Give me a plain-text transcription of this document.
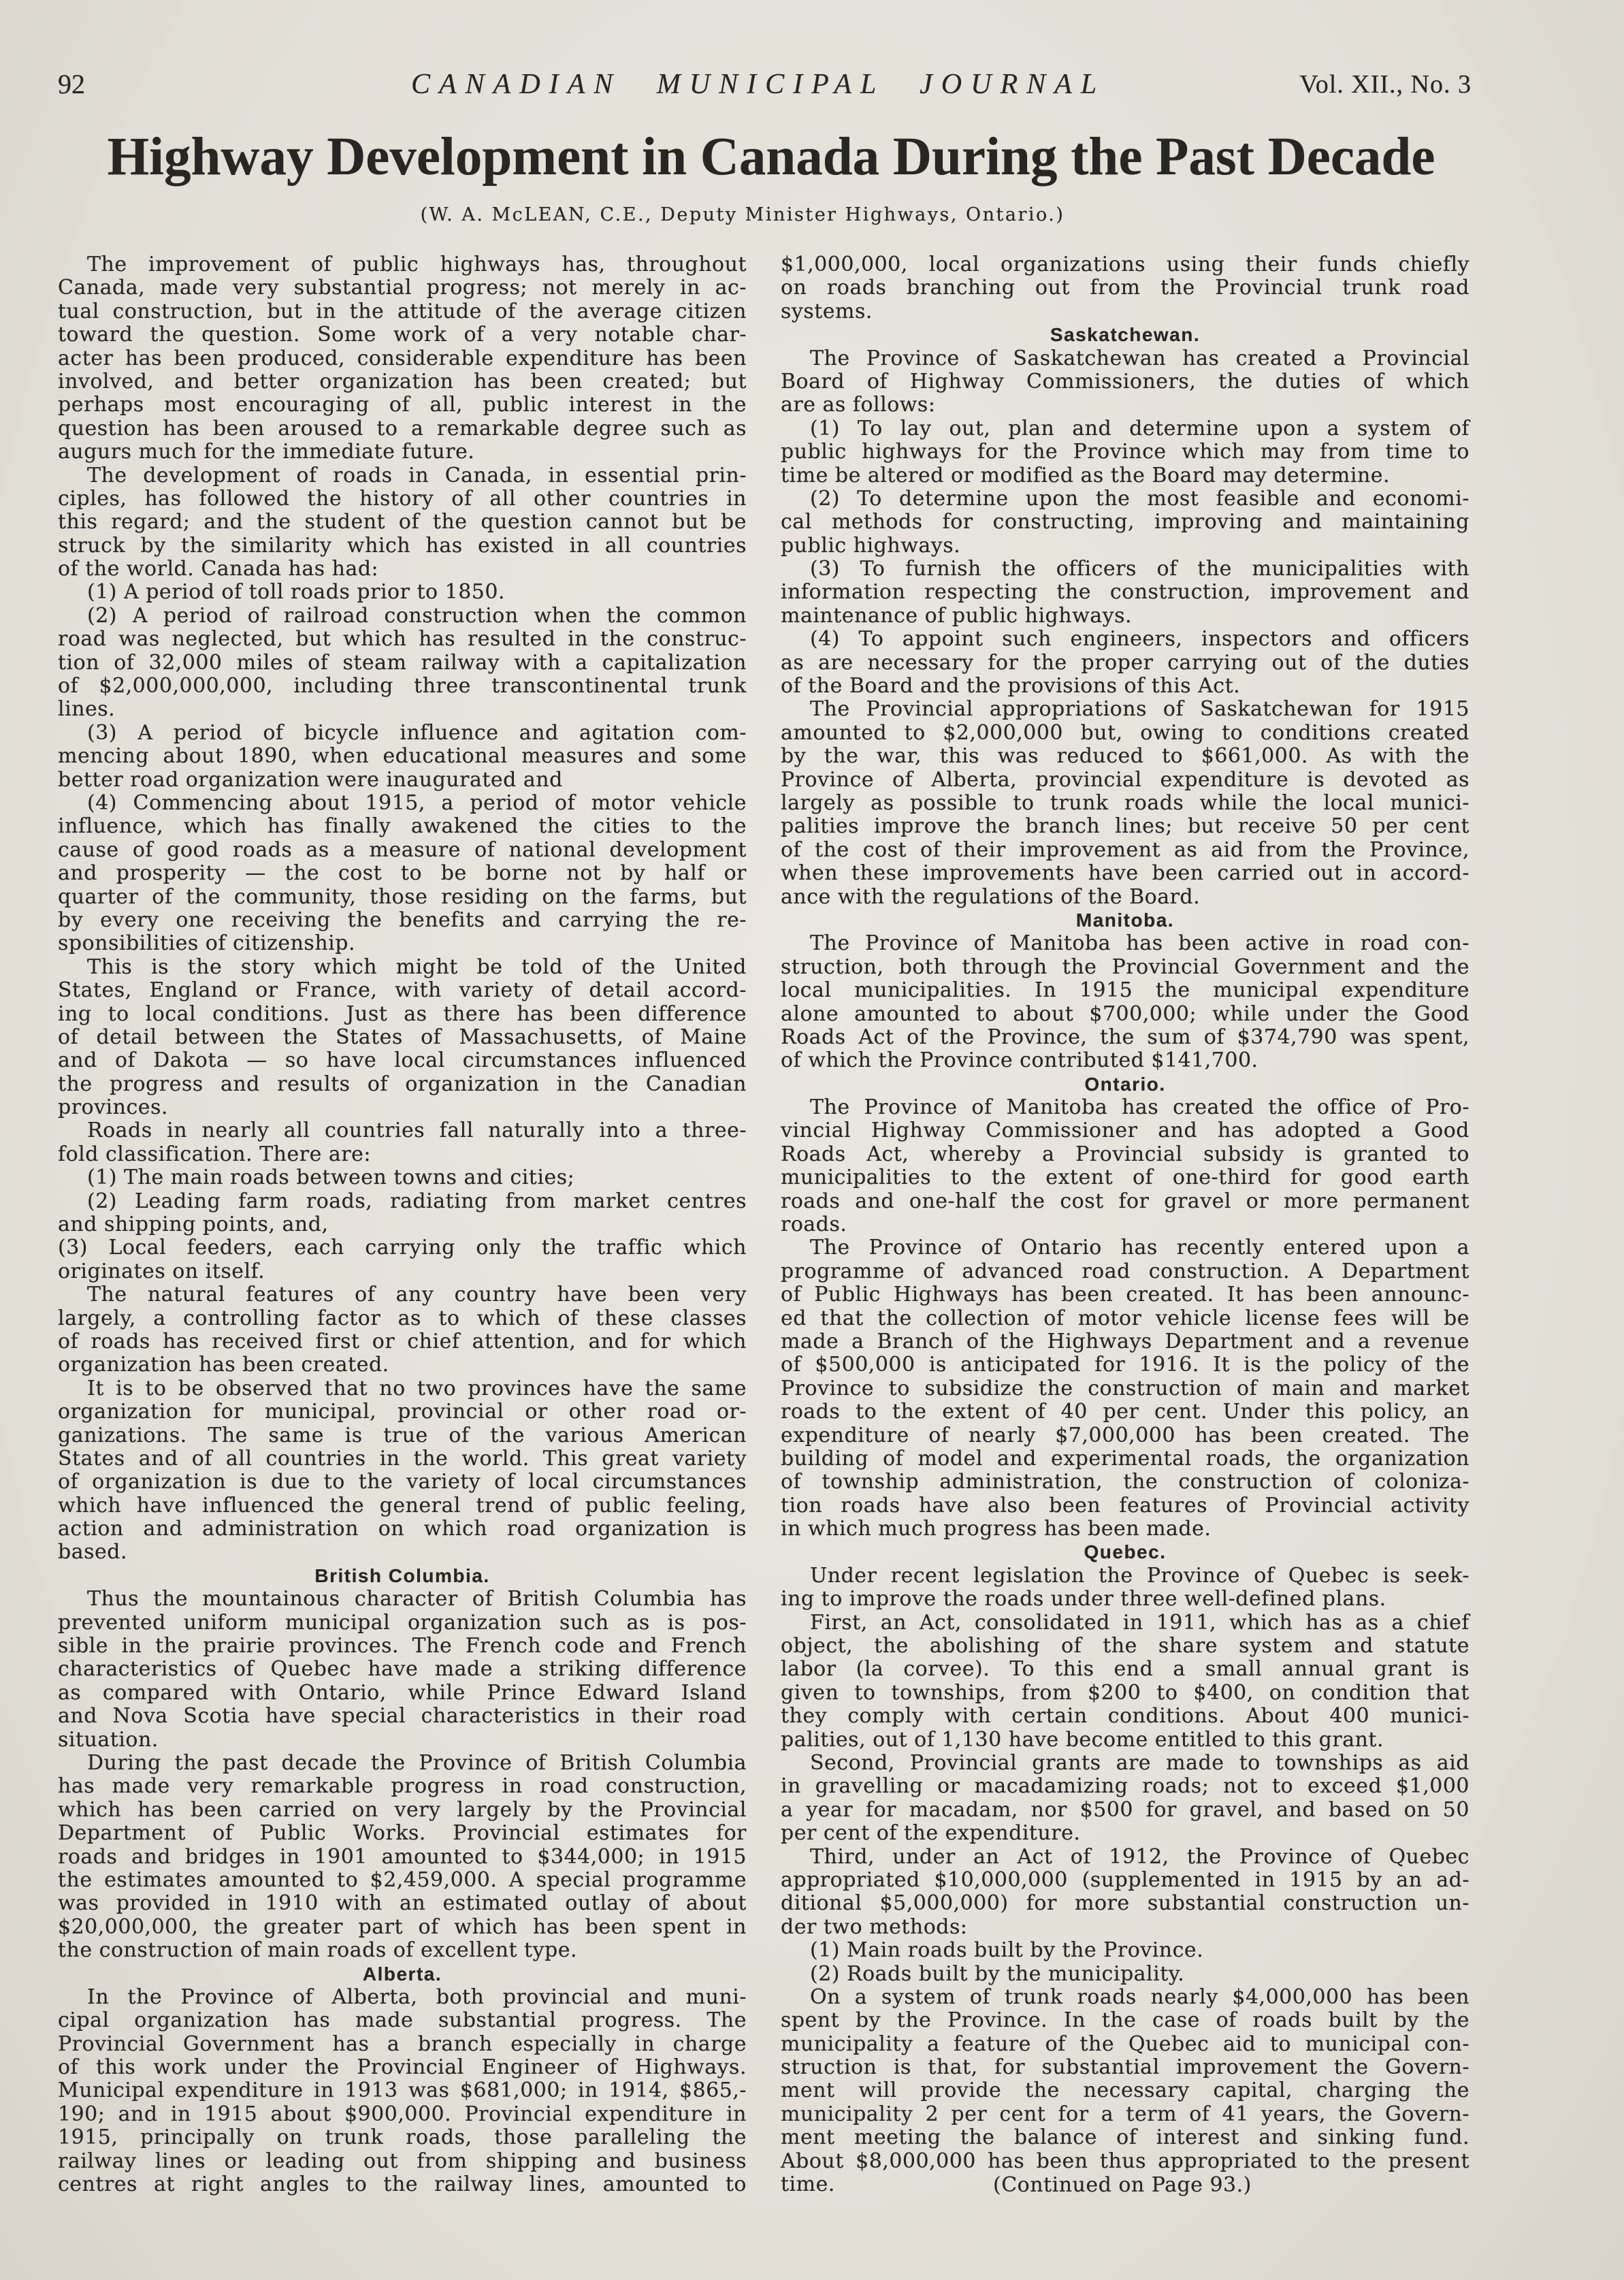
92	CANADIAN MUNICIPAL JOURNAL	Vol. XII., No. 3
Highway Development in Canada During the Past Decade
(W. A. McLEAN, C.E., Deputy Minister Highways, Ontario.)
The improvement of public highways has, throughout
Canada, made very substantial progress; not merely in ac-
tual construction, but in the attitude of the average citizen
toward the question. Some work of a very notable char-
acter has been produced, considerable expenditure has been
involved, and better organization has been created; but
perhaps most encouraging of all, public interest in the
question has been aroused to a remarkable degree such as
augurs much for the immediate future.
The development of roads in Canada, in essential prin-
ciples, has followed the history of all other countries in
this regard; and the student of the question cannot but be
struck by the similarity which has existed in all countries
of the world. Canada has had:
(1) A period of toll roads prior to 1850.
(2) A period of railroad construction when the common
road was neglected, but which has resulted in the construc-
tion of 32,000 miles of steam railway with a capitalization
of $2,000,000,000, including three transcontinental trunk
lines.
(3) A period of bicycle influence and agitation com-
mencing about 1890, when educational measures and some
better road organization were inaugurated and
(4) Commencing about 1915, a period of motor vehicle
influence, which has finally awakened the cities to the
cause of good roads as a measure of national development
and prosperity — the cost to be borne not by half or
quarter of the community, those residing on the farms, but
by every one receiving the benefits and carrying the re-
sponsibilities of citizenship.
This is the story which might be told of the United
States, England or France, with variety of detail accord-
ing to local conditions. Just as there has been difference
of detail between the States of Massachusetts, of Maine
and of Dakota — so have local circumstances influenced
the progress and results of organization in the Canadian
provinces.
Roads in nearly all countries fall naturally into a three-
fold classification. There are:
(1) The main roads between towns and cities;
(2) Leading farm roads, radiating from market centres
and shipping points, and,
(3) Local feeders, each carrying only the traffic which
originates on itself.
The natural features of any country have been very
largely, a controlling factor as to which of these classes
of roads has received first or chief attention, and for which
organization has been created.
It is to be observed that no two provinces have the same
organization for municipal, provincial or other road or-
ganizations. The same is true of the various American
States and of all countries in the world. This great variety
of organization is due to the variety of local circumstances
which have influenced the general trend of public feeling,
action and administration on which road organization is
based.
British Columbia.
Thus the mountainous character of British Columbia has
prevented uniform municipal organization such as is pos-
sible in the prairie provinces. The French code and French
characteristics of Quebec have made a striking difference
as compared with Ontario, while Prince Edward Island
and Nova Scotia have special characteristics in their road
situation.
During the past decade the Province of British Columbia
has made very remarkable progress in road construction,
which has been carried on very largely by the Provincial
Department of Public Works. Provincial estimates for
roads and bridges in 1901 amounted to $344,000; in 1915
the estimates amounted to $2,459,000. A special programme
was provided in 1910 with an estimated outlay of about
$20,000,000, the greater part of which has been spent in
the construction of main roads of excellent type.
Alberta.
In the Province of Alberta, both provincial and muni-
cipal organization has made substantial progress. The
Provincial Government has a branch especially in charge
of this work under the Provincial Engineer of Highways.
Municipal expenditure in 1913 was $681,000; in 1914, $865,-
190; and in 1915 about $900,000. Provincial expenditure in
1915, principally on trunk roads, those paralleling the
railway lines or leading out from shipping and business
centres at right angles to the railway lines, amounted to
$1,000,000, local organizations using their funds chiefly
on roads branching out from the Provincial trunk road
systems.
Saskatchewan.
The Province of Saskatchewan has created a Provincial
Board of Highway Commissioners, the duties of which
are as follows:
(1) To lay out, plan and determine upon a system of
public highways for the Province which may from time to
time be altered or modified as the Board may determine.
(2) To determine upon the most feasible and economi-
cal methods for constructing, improving and maintaining
public highways.
(3) To furnish the officers of the municipalities with
information respecting the construction, improvement and
maintenance of public highways.
(4) To appoint such engineers, inspectors and officers
as are necessary for the proper carrying out of the duties
of the Board and the provisions of this Act.
The Provincial appropriations of Saskatchewan for 1915
amounted to $2,000,000 but, owing to conditions created
by the war, this was reduced to $661,000. As with the
Province of Alberta, provincial expenditure is devoted as
largely as possible to trunk roads while the local munici-
palities improve the branch lines; but receive 50 per cent
of the cost of their improvement as aid from the Province,
when these improvements have been carried out in accord-
ance with the regulations of the Board.
Manitoba.
The Province of Manitoba has been active in road con-
struction, both through the Provincial Government and the
local municipalities. In 1915 the municipal expenditure
alone amounted to about $700,000; while under the Good
Roads Act of the Province, the sum of $374,790 was spent,
of which the Province contributed $141,700.
Ontario.
The Province of Manitoba has created the office of Pro-
vincial Highway Commissioner and has adopted a Good
Roads Act, whereby a Provincial subsidy is granted to
municipalities to the extent of one-third for good earth
roads and one-half the cost for gravel or more permanent
roads.
The Province of Ontario has recently entered upon a
programme of advanced road construction. A Department
of Public Highways has been created. It has been announc-
ed that the collection of motor vehicle license fees will be
made a Branch of the Highways Department and a revenue
of $500,000 is anticipated for 1916. It is the policy of the
Province to subsidize the construction of main and market
roads to the extent of 40 per cent. Under this policy, an
expenditure of nearly $7,000,000 has been created. The
building of model and experimental roads, the organization
of township administration, the construction of coloniza-
tion roads have also been features of Provincial activity
in which much progress has been made.
Quebec.
Under recent legislation the Province of Quebec is seek-
ing to improve the roads under three well-defined plans.
First, an Act, consolidated in 1911, which has as a chief
object, the abolishing of the share system and statute
labor (la corvee). To this end a small annual grant is
given to townships, from $200 to $400, on condition that
they comply with certain conditions. About 400 munici-
palities, out of 1,130 have become entitled to this grant.
Second, Provincial grants are made to townships as aid
in gravelling or macadamizing roads; not to exceed $1,000
a year for macadam, nor $500 for gravel, and based on 50
per cent of the expenditure.
Third, under an Act of 1912, the Province of Quebec
appropriated $10,000,000 (supplemented in 1915 by an ad-
ditional $5,000,000) for more substantial construction un-
der two methods:
(1) Main roads built by the Province.
(2) Roads built by the municipality.
On a system of trunk roads nearly $4,000,000 has been
spent by the Province. In the case of roads built by the
municipality a feature of the Quebec aid to municipal con-
struction is that, for substantial improvement the Govern-
ment will provide the necessary capital, charging the
municipality 2 per cent for a term of 41 years, the Govern-
ment meeting the balance of interest and sinking fund.
About $8,000,000 has been thus appropriated to the present
time.	(Continued on Page 93.)
